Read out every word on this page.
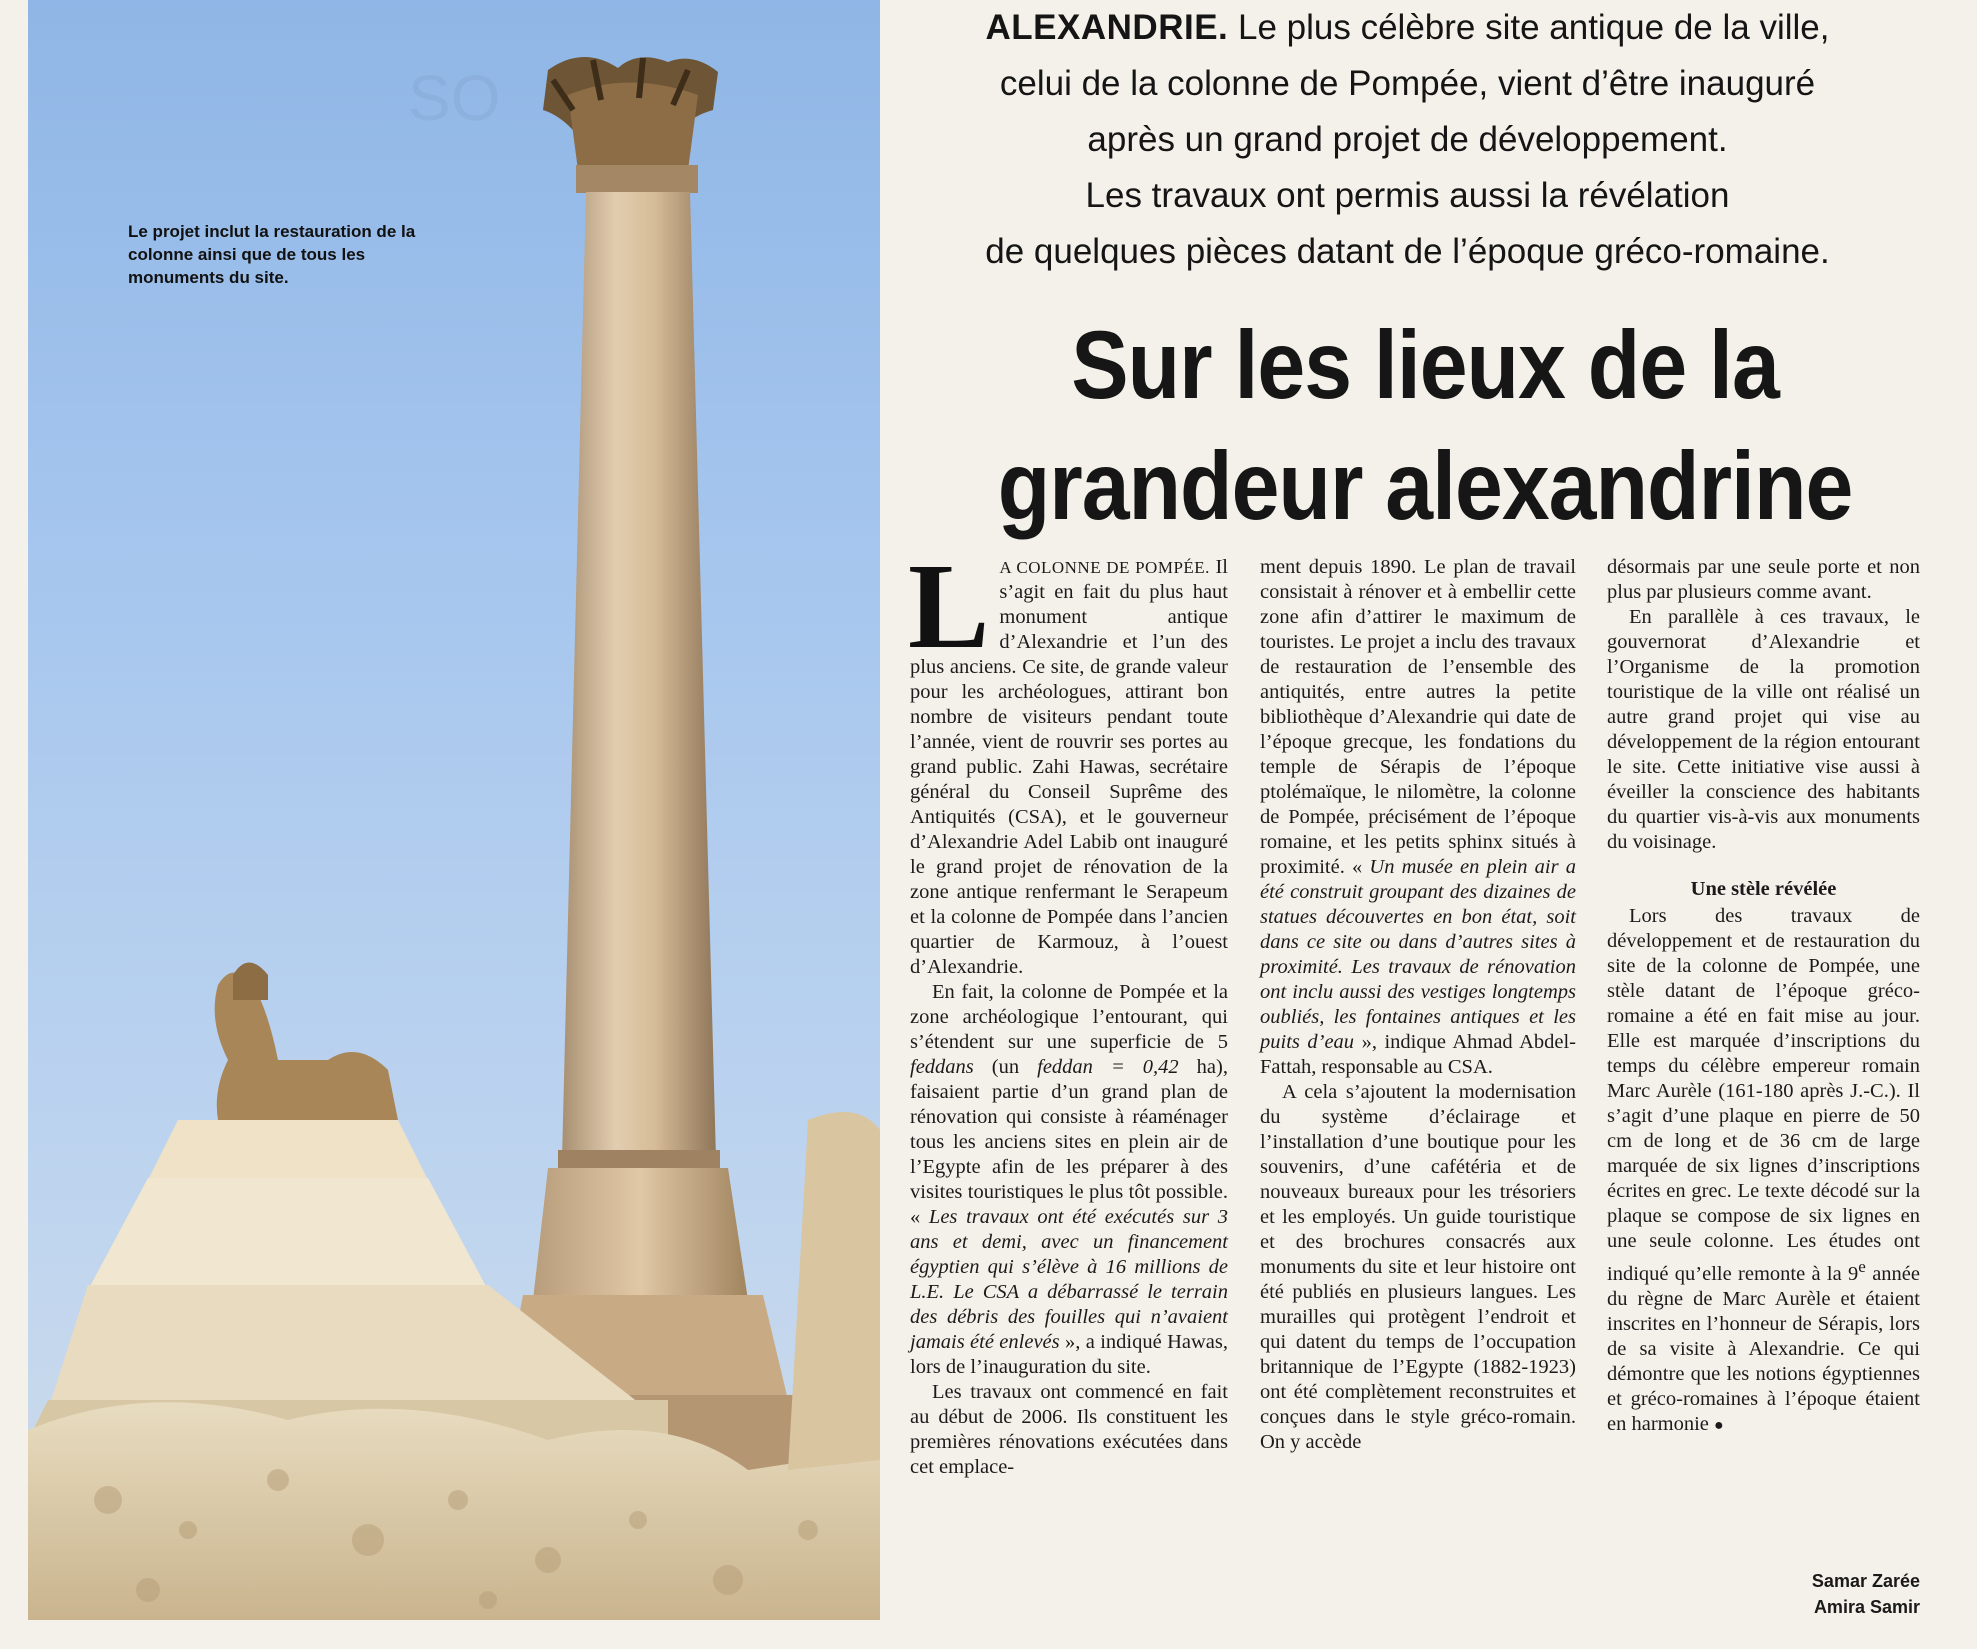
SO
Le projet inclut la restauration de la colonne ainsi que de tous les monuments du site.
ALEXANDRIE. Le plus célèbre site antique de la ville,
celui de la colonne de Pompée, vient d’être inauguré
après un grand projet de développement.
Les travaux ont permis aussi la révélation
de quelques pièces datant de l’époque gréco-romaine.
Sur les lieux de la
grandeur alexandrine

L A COLONNE DE POMPÉE. Il s’agit en fait du plus haut monument antique d’Alexandrie et l’un des plus anciens. Ce site, de grande valeur pour les archéologues, attirant bon nombre de visiteurs pendant toute l’année, vient de rouvrir ses portes au grand public. Zahi Hawas, secrétaire général du Conseil Suprême des Antiquités (CSA), et le gouverneur d’Alexandrie Adel Labib ont inauguré le grand projet de rénovation de la zone antique renfermant le Serapeum et la colonne de Pompée dans l’ancien quartier de Karmouz, à l’ouest d’Alexandrie.

En fait, la colonne de Pompée et la zone archéologique l’entourant, qui s’étendent sur une superficie de 5 feddans (un feddan = 0,42 ha), faisaient partie d’un grand plan de rénovation qui consiste à réaménager tous les anciens sites en plein air de l’Egypte afin de les préparer à des visites touristiques le plus tôt possible. « Les travaux ont été exécutés sur 3 ans et demi, avec un financement égyptien qui s’élève à 16 millions de L.E. Le CSA a débarrassé le terrain des débris des fouilles qui n’avaient jamais été enlevés », a indiqué Hawas, lors de l’inauguration du site.

Les travaux ont commencé en fait au début de 2006. Ils constituent les premières rénovations exécutées dans cet emplace-

ment depuis 1890. Le plan de travail consistait à rénover et à embellir cette zone afin d’attirer le maximum de touristes. Le projet a inclu des travaux de restauration de l’ensemble des antiquités, entre autres la petite bibliothèque d’Alexandrie qui date de l’époque grecque, les fondations du temple de Sérapis de l’époque ptolémaïque, le nilomètre, la colonne de Pompée, précisément de l’époque romaine, et les petits sphinx situés à proximité. « Un musée en plein air a été construit groupant des dizaines de statues découvertes en bon état, soit dans ce site ou dans d’autres sites à proximité. Les travaux de rénovation ont inclu aussi des vestiges longtemps oubliés, les fontaines antiques et les puits d’eau », indique Ahmad Abdel-Fattah, responsable au CSA.

A cela s’ajoutent la modernisation du système d’éclairage et l’installation d’une boutique pour les souvenirs, d’une cafétéria et de nouveaux bureaux pour les trésoriers et les employés. Un guide touristique et des brochures consacrés aux monuments du site et leur histoire ont été publiés en plusieurs langues. Les murailles qui protègent l’endroit et qui datent du temps de l’occupation britannique de l’Egypte (1882-1923) ont été complètement reconstruites et conçues dans le style gréco-romain. On y accède

désormais par une seule porte et non plus par plusieurs comme avant.

En parallèle à ces travaux, le gouvernorat d’Alexandrie et l’Organisme de la promotion touristique de la ville ont réalisé un autre grand projet qui vise au développement de la région entourant le site. Cette initiative vise aussi à éveiller la conscience des habitants du quartier vis-à-vis aux monuments du voisinage.

Une stèle révélée

Lors des travaux de développement et de restauration du site de la colonne de Pompée, une stèle datant de l’époque gréco-romaine a été en fait mise au jour. Elle est marquée d’inscriptions du temps du célèbre empereur romain Marc Aurèle (161-180 après J.-C.). Il s’agit d’une plaque en pierre de 50 cm de long et de 36 cm de large marquée de six lignes d’inscriptions écrites en grec. Le texte décodé sur la plaque se compose de six lignes en une seule colonne. Les études ont indiqué qu’elle remonte à la 9e année du règne de Marc Aurèle et étaient inscrites en l’honneur de Sérapis, lors de sa visite à Alexandrie. Ce qui démontre que les notions égyptiennes et gréco-romaines à l’époque étaient en harmonie ●

Samar Zarée
Amira Samir
